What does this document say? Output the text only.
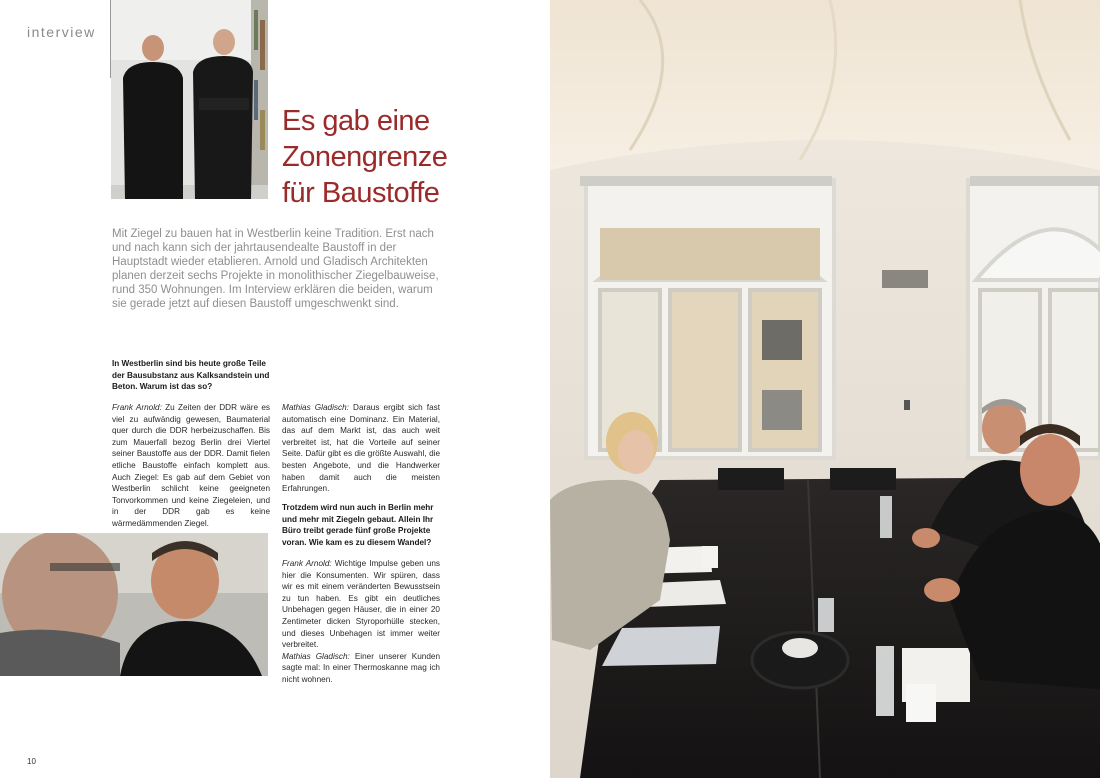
interview
Es gab eine
Zonengrenze
für Baustoffe

Mit Ziegel zu bauen hat in Westberlin keine Tradition. Erst nach und nach kann sich der jahrtausendealte Baustoff in der Hauptstadt wieder etablieren. Arnold und Gladisch Architekten planen derzeit sechs Projekte in monolithischer Ziegelbauweise, rund 350 Wohnungen. Im Interview erklären die beiden, warum sie gerade jetzt auf diesen Baustoff umgeschwenkt sind.

In Westberlin sind bis heute große Teile der Bausubstanz aus Kalksandstein und Beton. Warum ist das so?

Frank Arnold: Zu Zeiten der DDR wäre es viel zu aufwändig gewesen, Baumaterial quer durch die DDR herbeizuschaffen. Bis zum Mauerfall bezog Berlin drei Viertel seiner Baustoffe aus der DDR. Damit fielen etliche Baustoffe einfach komplett aus. Auch Ziegel: Es gab auf dem Gebiet von Westberlin schlicht keine geeigneten Tonvorkommen und keine Ziegeleien, und in der DDR gab es keine wärmedämmenden Ziegel.

Mathias Gladisch: Daraus ergibt sich fast automatisch eine Dominanz. Ein Material, das auf dem Markt ist, das auch weit verbreitet ist, hat die Vorteile auf seiner Seite. Dafür gibt es die größte Auswahl, die besten Angebote, und die Handwerker haben damit auch die meisten Erfahrungen.

Trotzdem wird nun auch in Berlin mehr und mehr mit Ziegeln gebaut. Allein Ihr Büro treibt gerade fünf große Projekte voran. Wie kam es zu diesem Wandel?

Frank Arnold: Wichtige Impulse geben uns hier die Konsumenten. Wir spüren, dass wir es mit einem veränderten Bewusstsein zu tun haben. Es gibt ein deutliches Unbehagen gegen Häuser, die in einer 20 Zentimeter dicken Styroporhülle stecken, und dieses Unbehagen ist immer weiter verbreitet.

Mathias Gladisch: Einer unserer Kunden sagte mal: In einer Thermoskanne mag ich nicht wohnen.

10
